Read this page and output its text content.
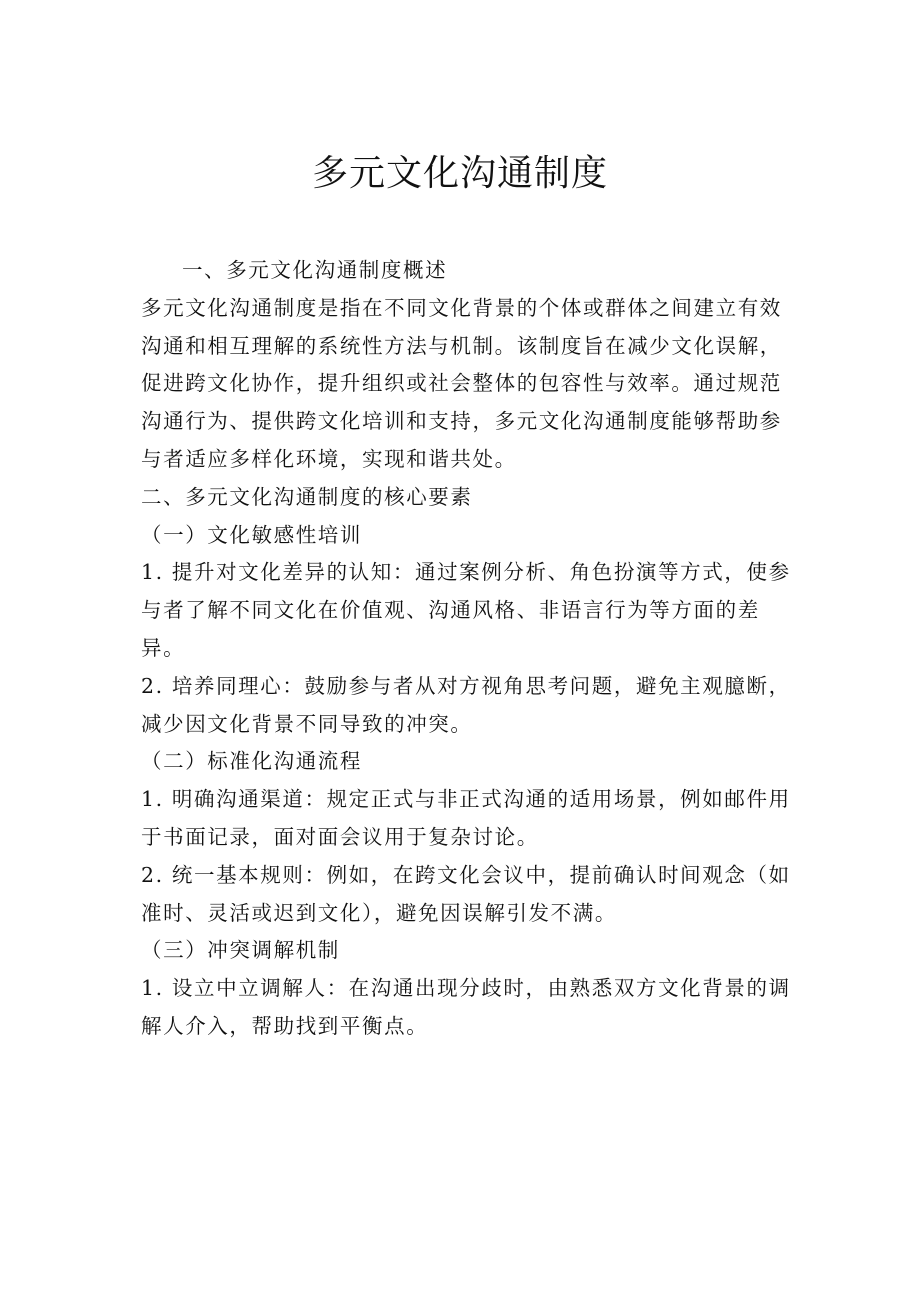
多元文化沟通制度

一、多元文化沟通制度概述

多元文化沟通制度是指在不同文化背景的个体或群体之间建立有效

沟通和相互理解的系统性方法与机制。该制度旨在减少文化误解，

促进跨文化协作，提升组织或社会整体的包容性与效率。通过规范

沟通行为、提供跨文化培训和支持，多元文化沟通制度能够帮助参

与者适应多样化环境，实现和谐共处。

二、多元文化沟通制度的核心要素

（一）文化敏感性培训

1. 提升对文化差异的认知：通过案例分析、角色扮演等方式，使参

与者了解不同文化在价值观、沟通风格、非语言行为等方面的差

异。

2. 培养同理心：鼓励参与者从对方视角思考问题，避免主观臆断，

减少因文化背景不同导致的冲突。

（二）标准化沟通流程

1. 明确沟通渠道：规定正式与非正式沟通的适用场景，例如邮件用

于书面记录，面对面会议用于复杂讨论。

2. 统一基本规则：例如，在跨文化会议中，提前确认时间观念（如

准时、灵活或迟到文化），避免因误解引发不满。

（三）冲突调解机制

1. 设立中立调解人：在沟通出现分歧时，由熟悉双方文化背景的调

解人介入，帮助找到平衡点。
